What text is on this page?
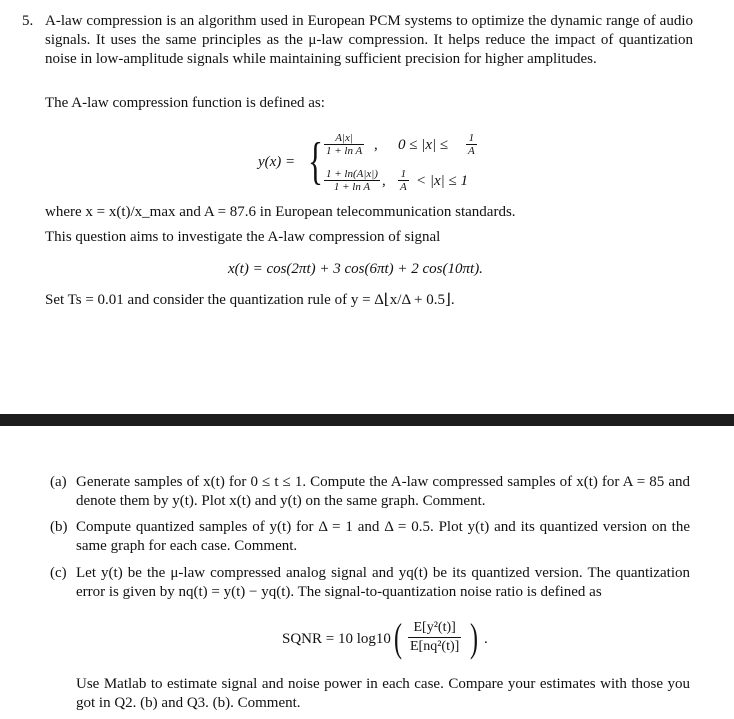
5. A-law compression is an algorithm used in European PCM systems to optimize the dynamic range of audio signals. It uses the same principles as the μ-law compression. It helps reduce the impact of quantization noise in low-amplitude signals while maintaining sufficient precision for higher amplitudes.
The A-law compression function is defined as:
y(x) = { $\frac{A|x|}{\text{1 + ln A}}$ , $0 \le |x| \le \frac{1}{A}$
$\frac{1 + \ln(A|x|)}{\text{1 + ln A}}$ , $\frac{1}{A} < |x| \le 1$
where x = x(t)/x_max and A = 87.6 in European telecommunication standards.
This question aims to investigate the A-law compression of signal
x(t) = cos(2πt) + 3 cos(6πt) + 2 cos(10πt).
Set Ts = 0.01 and consider the quantization rule of y = Δ⌊x/Δ + 0.5⌋.
(a) Generate samples of x(t) for 0 ≤ t ≤ 1. Compute the A-law compressed samples of x(t) for A = 85 and denote them by y(t). Plot x(t) and y(t) on the same graph. Comment.
(b) Compute quantized samples of y(t) for Δ = 1 and Δ = 0.5. Plot y(t) and its quantized version on the same graph for each case. Comment.
(c) Let y(t) be the μ-law compressed analog signal and yq(t) be its quantized version. The quantization error is given by nq(t) = y(t) − yq(t). The signal-to-quantization noise ratio is defined as
SQNR = 10 log10 ( $\frac{\text{E[y²(t)]}}{\text{E[nq²(t)]}}$ ) .
Use Matlab to estimate signal and noise power in each case. Compare your estimates with those you got in Q2. (b) and Q3. (b). Comment.
